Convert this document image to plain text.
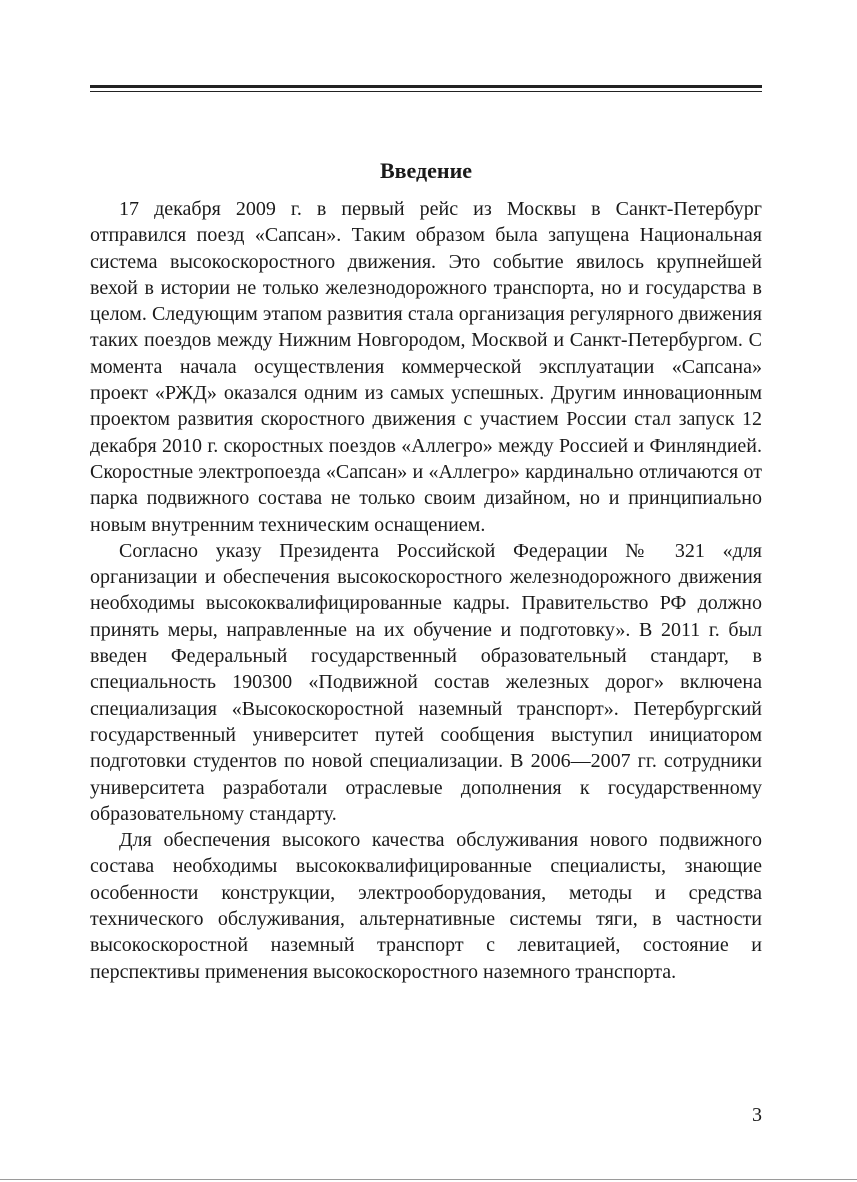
Введение

17 декабря 2009 г. в первый рейс из Москвы в Санкт-Петербург отправился поезд «Сапсан». Таким образом была запущена Национальная система высокоскоростного движения. Это событие явилось крупнейшей вехой в истории не только железнодорожного транспорта, но и государства в целом. Следующим этапом развития стала организация регулярного движения таких поездов между Нижним Новгородом, Москвой и Санкт-Петербургом. С момента начала осуществления коммерческой эксплуатации «Сапсана» проект «РЖД» оказался одним из самых успешных. Другим инновационным проектом развития скоростного движения с участием России стал запуск 12 декабря 2010 г. скоростных поездов «Аллегро» между Россией и Финляндией. Скоростные электропоезда «Сапсан» и «Аллегро» кардинально отличаются от парка подвижного состава не только своим дизайном, но и принципиально новым внутренним техническим оснащением.

Согласно указу Президента Российской Федерации № 321 «для организации и обеспечения высокоскоростного железнодорожного движения необходимы высококвалифицированные кадры. Правительство РФ должно принять меры, направленные на их обучение и подготовку». В 2011 г. был введен Федеральный государственный образовательный стандарт, в специальность 190300 «Подвижной состав железных дорог» включена специализация «Высокоскоростной наземный транспорт». Петербургский государственный университет путей сообщения выступил инициатором подготовки студентов по новой специализации. В 2006—2007 гг. сотрудники университета разработали отраслевые дополнения к государственному образовательному стандарту.

Для обеспечения высокого качества обслуживания нового подвижного состава необходимы высококвалифицированные специалисты, знающие особенности конструкции, электрооборудования, методы и средства технического обслуживания, альтернативные системы тяги, в частности высокоскоростной наземный транспорт с левитацией, состояние и перспективы применения высокоскоростного наземного транспорта.

3
